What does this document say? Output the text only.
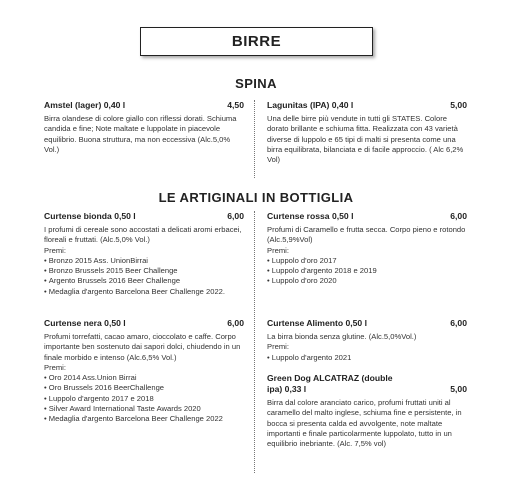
BIRRE
SPINA
Amstel (lager) 0,40 l	4,50
Birra olandese di colore giallo con riflessi dorati. Schiuma candida e fine; Note maltate e luppolate in piacevole equilibrio. Buona struttura, ma non eccessiva (Alc.5,0% Vol.)
Lagunitas (IPA) 0,40 l	5,00
Una delle birre più vendute in tutti gli STATES. Colore dorato brillante e schiuma fitta. Realizzata con 43 varietà diverse di luppolo e 65 tipi di malti si presenta come una birra equilibrata, bilanciata e di facile approccio. ( Alc 6,2% Vol)
LE ARTIGINALI IN BOTTIGLIA
Curtense bionda 0,50 l	6,00
I profumi di cereale sono accostati a delicati aromi erbacei, floreali e fruttati. (Alc.5,0% Vol.)
Premi:
• Bronzo 2015 Ass. UnionBirrai
• Bronzo Brussels 2015 Beer Challenge
• Argento Brussels 2016 Beer Challenge
• Medaglia d'argento Barcelona Beer Challenge 2022.
Curtense rossa 0,50 l	6,00
Profumi di Caramello e frutta secca. Corpo pieno e rotondo (Alc.5,9%Vol)
Premi:
• Luppolo d'oro 2017
• Luppolo d'argento 2018 e 2019
• Luppolo d'oro 2020
Curtense nera 0,50 l	6,00
Profumi torrefatti, cacao amaro, cioccolato e caffe. Corpo importante ben sostenuto dai sapori dolci, chiudendo in un finale morbido e intenso (Alc.6,5% Vol.)
Premi:
• Oro 2014 Ass.Union Birrai
• Oro Brussels 2016 BeerChallenge
• Luppolo d'argento 2017 e 2018
• Silver Award International Taste Awards 2020
• Medaglia d'argento Barcelona Beer Challenge 2022
Curtense Alimento 0,50 l	6,00
La birra bionda senza glutine. (Alc.5,0%Vol.)
Premi:
• Luppolo d'argento 2021
Green Dog ALCATRAZ (double ipa) 0,33 l	5,00
Birra dal colore aranciato carico, profumi fruttati uniti al caramello del malto inglese, schiuma fine e persistente, in bocca si presenta calda ed avvolgente, note maltate importanti e finale particolarmente luppolato, tutto in un equilibrio inebriante. (Alc. 7,5% vol)
